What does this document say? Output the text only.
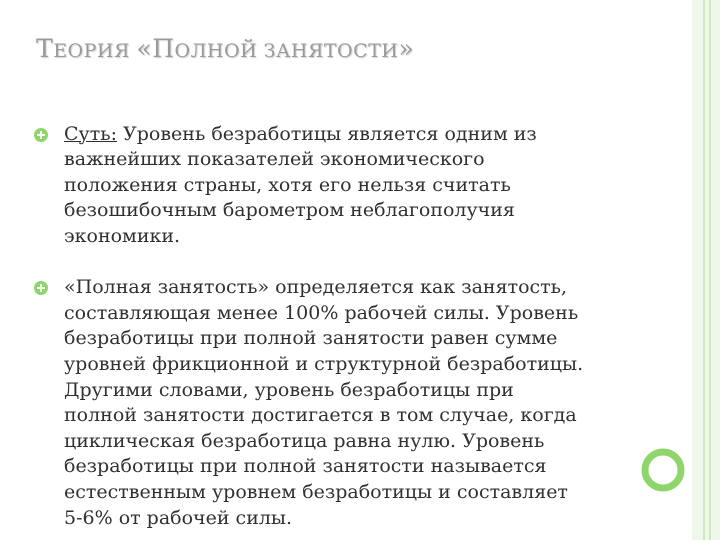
ТЕОРИЯ «ПОЛНОЙ ЗАНЯТОСТИ»

Суть: Уровень безработицы является одним из
важнейших показателей экономического
положения страны, хотя его нельзя считать
безошибочным барометром неблагополучия
экономики.

«Полная занятость» определяется как занятость,
составляющая менее 100% рабочей силы. Уровень
безработицы при полной занятости равен сумме
уровней фрикционной и структурной безработицы.
Другими словами, уровень безработицы при
полной занятости достигается в том случае, когда
циклическая безработица равна нулю. Уровень
безработицы при полной занятости называется
естественным уровнем безработицы и составляет
5-6% от рабочей силы.
